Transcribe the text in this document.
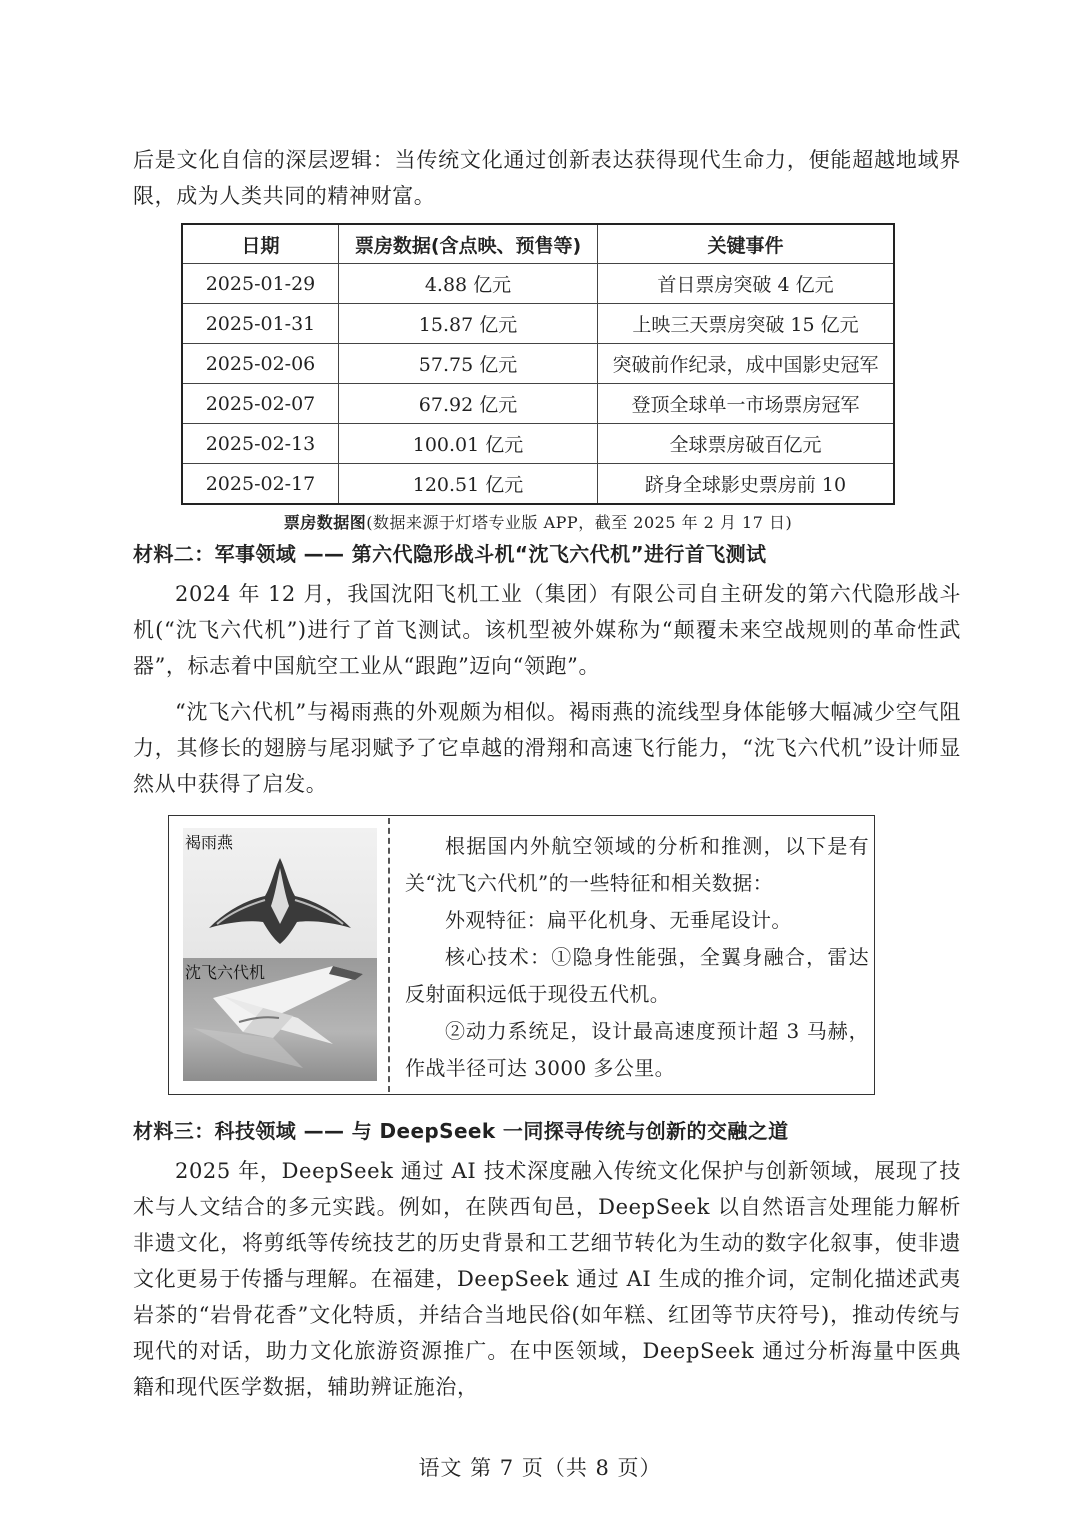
后是文化自信的深层逻辑：当传统文化通过创新表达获得现代生命力，便能超越地域界限，成为人类共同的精神财富。

日期	票房数据(含点映、预售等)	关键事件
2025-01-29	4.88 亿元	首日票房突破 4 亿元
2025-01-31	15.87 亿元	上映三天票房突破 15 亿元
2025-02-06	57.75 亿元	突破前作纪录，成中国影史冠军
2025-02-07	67.92 亿元	登顶全球单一市场票房冠军
2025-02-13	100.01 亿元	全球票房破百亿元
2025-02-17	120.51 亿元	跻身全球影史票房前 10
票房数据图(数据来源于灯塔专业版 APP，截至 2025 年 2 月 17 日)
材料二：军事领域 —— 第六代隐形战斗机“沈飞六代机”进行首飞测试

2024 年 12 月，我国沈阳飞机工业（集团）有限公司自主研发的第六代隐形战斗机(“沈飞六代机”)进行了首飞测试。该机型被外媒称为“颠覆未来空战规则的革命性武器”，标志着中国航空工业从“跟跑”迈向“领跑”。

“沈飞六代机”与褐雨燕的外观颇为相似。褐雨燕的流线型身体能够大幅减少空气阻力，其修长的翅膀与尾羽赋予了它卓越的滑翔和高速飞行能力，“沈飞六代机”设计师显然从中获得了启发。

褐雨燕
沈飞六代机

根据国内外航空领域的分析和推测，以下是有关“沈飞六代机”的一些特征和相关数据：

外观特征：扁平化机身、无垂尾设计。

核心技术：①隐身性能强，全翼身融合，雷达反射面积远低于现役五代机。

②动力系统足，设计最高速度预计超 3 马赫，作战半径可达 3000 多公里。

材料三：科技领域 —— 与 DeepSeek 一同探寻传统与创新的交融之道

2025 年，DeepSeek 通过 AI 技术深度融入传统文化保护与创新领域，展现了技术与人文结合的多元实践。例如，在陕西旬邑，DeepSeek 以自然语言处理能力解析非遗文化，将剪纸等传统技艺的历史背景和工艺细节转化为生动的数字化叙事，使非遗文化更易于传播与理解。在福建，DeepSeek 通过 AI 生成的推介词，定制化描述武夷岩茶的“岩骨花香”文化特质，并结合当地民俗(如年糕、红团等节庆符号)，推动传统与现代的对话，助力文化旅游资源推广。在中医领域，DeepSeek 通过分析海量中医典籍和现代医学数据，辅助辨证施治，

语文 第 7 页（共 8 页）
